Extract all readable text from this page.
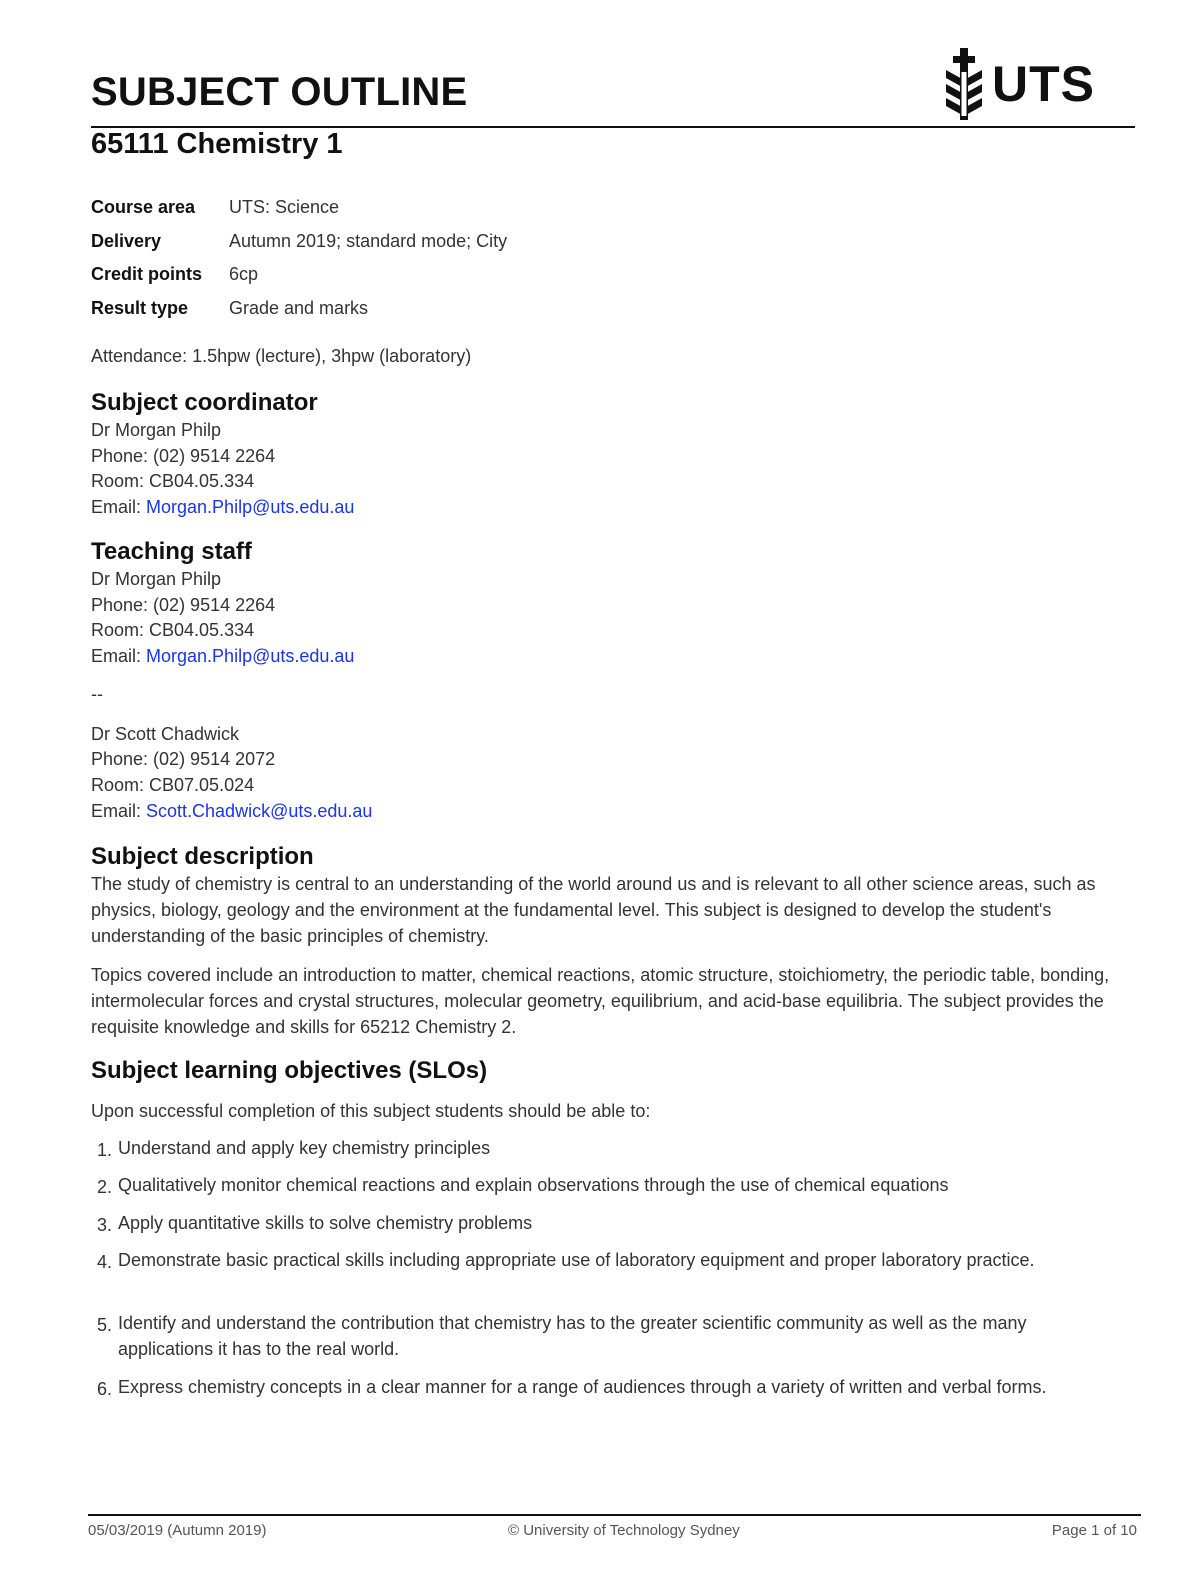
SUBJECT OUTLINE	UTS
65111 Chemistry 1
Course area	UTS: Science
Delivery	Autumn 2019; standard mode; City
Credit points	6cp
Result type	Grade and marks
Attendance: 1.5hpw (lecture), 3hpw (laboratory)
Subject coordinator
Dr Morgan Philp
Phone: (02) 9514 2264
Room: CB04.05.334
Email: Morgan.Philp@uts.edu.au
Teaching staff
Dr Morgan Philp
Phone: (02) 9514 2264
Room: CB04.05.334
Email: Morgan.Philp@uts.edu.au
--
Dr Scott Chadwick
Phone: (02) 9514 2072
Room: CB07.05.024
Email: Scott.Chadwick@uts.edu.au
Subject description

The study of chemistry is central to an understanding of the world around us and is relevant to all other science areas, such as physics, biology, geology and the environment at the fundamental level. This subject is designed to develop the student's understanding of the basic principles of chemistry.

Topics covered include an introduction to matter, chemical reactions, atomic structure, stoichiometry, the periodic table, bonding, intermolecular forces and crystal structures, molecular geometry, equilibrium, and acid-base equilibria. The subject provides the requisite knowledge and skills for 65212 Chemistry 2.

Subject learning objectives (SLOs)
Upon successful completion of this subject students should be able to:
1. Understand and apply key chemistry principles
2. Qualitatively monitor chemical reactions and explain observations through the use of chemical equations
3. Apply quantitative skills to solve chemistry problems
4. Demonstrate basic practical skills including appropriate use of laboratory equipment and proper laboratory practice.
5. Identify and understand the contribution that chemistry has to the greater scientific community as well as the many applications it has to the real world.
6. Express chemistry concepts in a clear manner for a range of audiences through a variety of written and verbal forms.
05/03/2019 (Autumn 2019)	© University of Technology Sydney	Page 1 of 10
